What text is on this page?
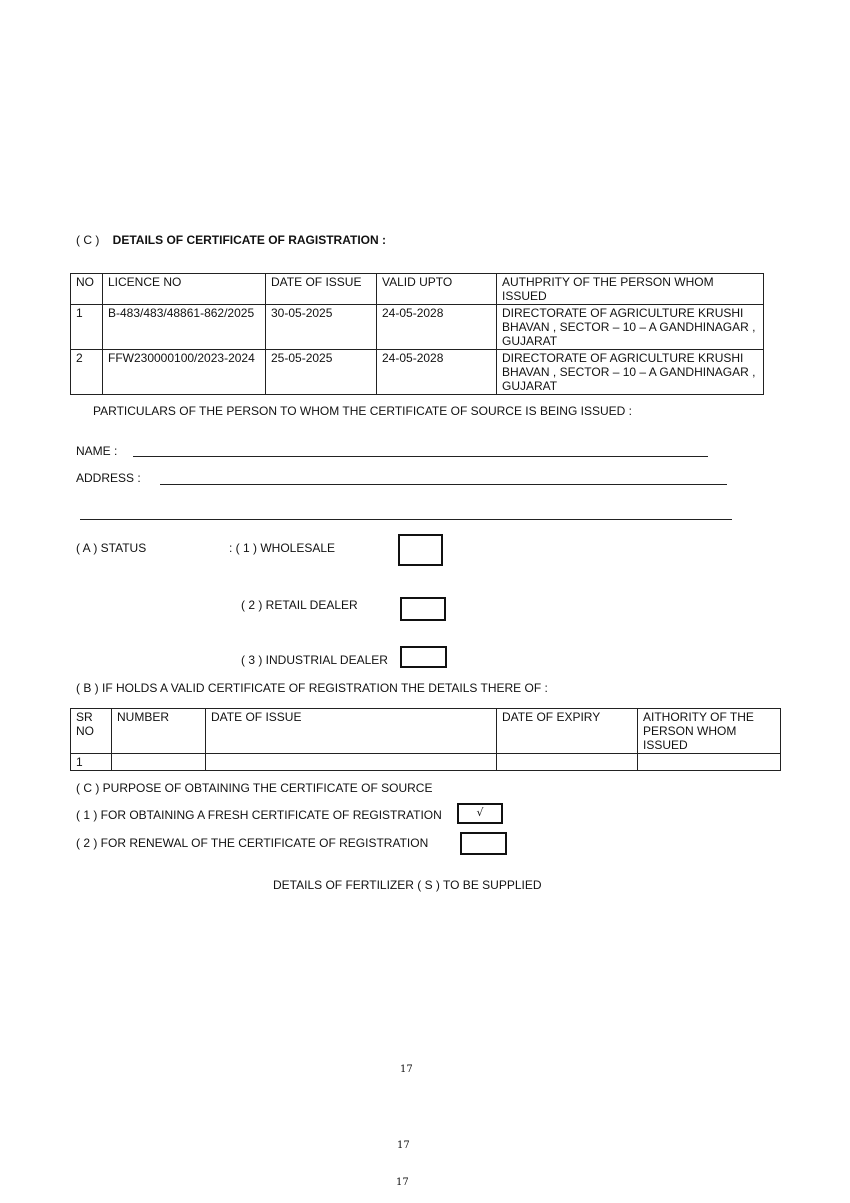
( C ) DETAILS OF CERTIFICATE OF RAGISTRATION :
NO	LICENCE NO	DATE OF ISSUE	VALID UPTO	AUTHPRITY OF THE PERSON WHOM ISSUED
1	B-483/483/48861-862/2025	30-05-2025	24-05-2028	DIRECTORATE OF AGRICULTURE KRUSHI BHAVAN , SECTOR – 10 – A GANDHINAGAR , GUJARAT
2	FFW230000100/2023-2024	25-05-2025	24-05-2028	DIRECTORATE OF AGRICULTURE KRUSHI BHAVAN , SECTOR – 10 – A GANDHINAGAR , GUJARAT
PARTICULARS OF THE PERSON TO WHOM THE CERTIFICATE OF SOURCE IS BEING ISSUED :
NAME :
ADDRESS :
( A ) STATUS	: ( 1 ) WHOLESALE
( 2 ) RETAIL DEALER
( 3 ) INDUSTRIAL DEALER
( B ) IF HOLDS A VALID CERTIFICATE OF REGISTRATION THE DETAILS THERE OF :
SR NO	NUMBER	DATE OF ISSUE	DATE OF EXPIRY	AITHORITY OF THE PERSON WHOM ISSUED
1				
( C ) PURPOSE OF OBTAINING THE CERTIFICATE OF SOURCE
( 1 ) FOR OBTAINING A FRESH CERTIFICATE OF REGISTRATION	√
( 2 ) FOR RENEWAL OF THE CERTIFICATE OF REGISTRATION
DETAILS OF FERTILIZER ( S ) TO BE SUPPLIED
17
17
17
